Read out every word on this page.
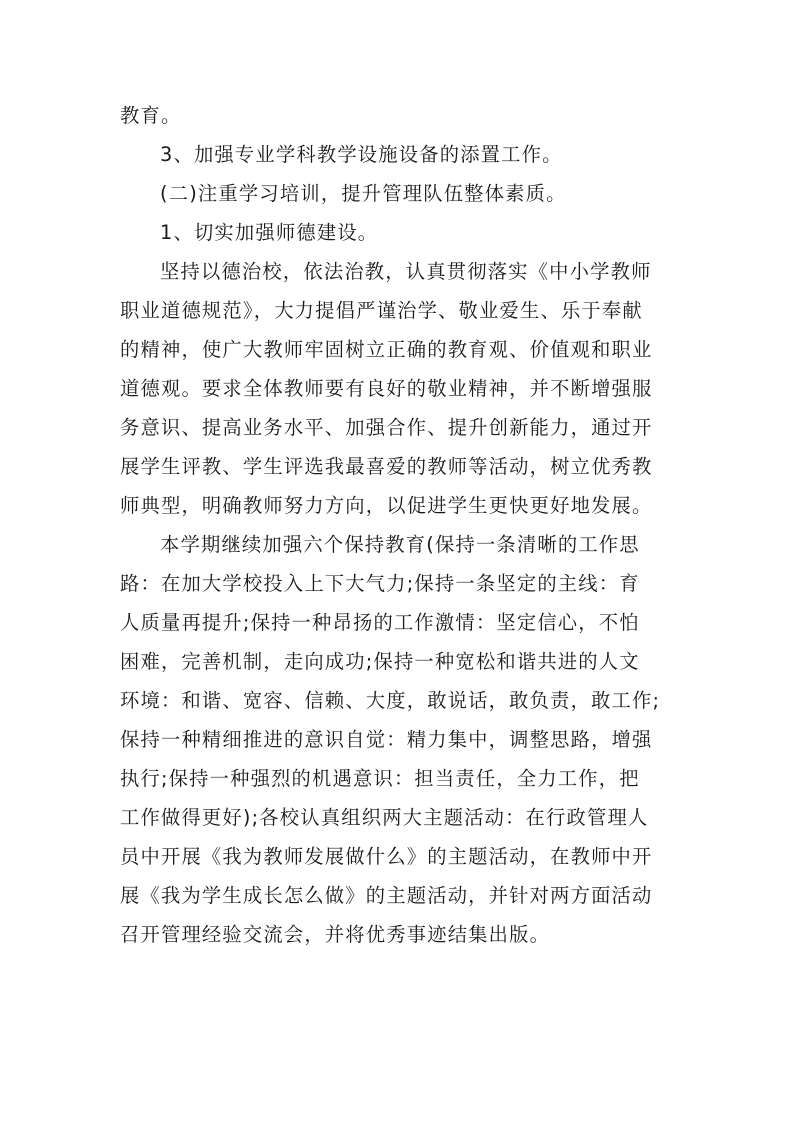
教育。
3、加强专业学科教学设施设备的添置工作。
(二)注重学习培训，提升管理队伍整体素质。
1、切实加强师德建设。
坚持以德治校，依法治教，认真贯彻落实《中小学教师
职业道德规范》，大力提倡严谨治学、敬业爱生、乐于奉献
的精神，使广大教师牢固树立正确的教育观、价值观和职业
道德观。要求全体教师要有良好的敬业精神，并不断增强服
务意识、提高业务水平、加强合作、提升创新能力，通过开
展学生评教、学生评选我最喜爱的教师等活动，树立优秀教
师典型，明确教师努力方向，以促进学生更快更好地发展。
本学期继续加强六个保持教育(保持一条清晰的工作思
路：在加大学校投入上下大气力;保持一条坚定的主线：育
人质量再提升;保持一种昂扬的工作激情：坚定信心，不怕
困难，完善机制，走向成功;保持一种宽松和谐共进的人文
环境：和谐、宽容、信赖、大度，敢说话，敢负责，敢工作;
保持一种精细推进的意识自觉：精力集中，调整思路，增强
执行;保持一种强烈的机遇意识：担当责任，全力工作，把
工作做得更好);各校认真组织两大主题活动：在行政管理人
员中开展《我为教师发展做什么》的主题活动，在教师中开
展《我为学生成长怎么做》的主题活动，并针对两方面活动
召开管理经验交流会，并将优秀事迹结集出版。
